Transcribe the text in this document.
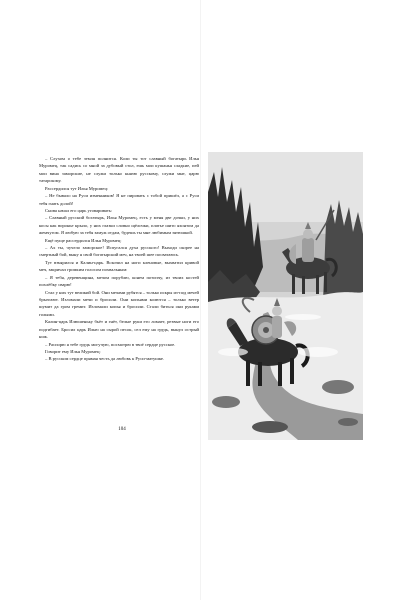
– Слухом о тебе земля полнится. Коли ты тот славный богатырь Илья Муромец, так садись со мной за дубовый стол, ешь мои кушанья сладкие, пей мои вина заморские, не служи только князю русскому, служи мне, царю татарскому.

Рассердился тут Илья Муромец:

– Не бывало на Руси изменников! Я не пировать с тобой пришёл, а с Руси тебя гнать долой!

Снова начал его царь уговаривать:

– Славный русский богатырь, Илья Муромец, есть у меня две дочки, у них косы как воронье крыло, у них глазки словно щёлочки, платье шито яхонтом да жемчугом. Я любую за тебя замуж отдам, будешь ты мне любимым зятюшкой.

Ещё пуще рассердился Илья Муромец:

– Ах ты, чучело заморское! Испугался духа русского! Выходи скорее на смертный бой, выну я свой богатырский меч, на твоей шее посватаюсь.

Тут взъярился и Калин-царь. Вскочил на ноги кленовые, выхватил кривой меч, закричал громким голосом похвальным:

– Я тебя, деревенщина, мечом порублю, конем потопчу, из твоих костей похлёбку сварю!

Стал у них тут великий бой. Они мечами рубятся – только искры из-под мечей брызгают. Изломали мечи и бросили. Они копьями колются – только ветер шумит да гром гремит. Изломали копья и бросили. Стали биться они руками голыми.

Калин-царь Илюшеньку бьёт и гнёт, белые руки его ломает, резвые ноги его подгибает. Бросил царь Илью на сырой песок, сел ему на грудь, вынул острый нож.

– Распорю я тебе грудь могучую, посмотрю в твоё сердце русское.

Говорит ему Илья Муромец:

– В русском сердце прямая честь да любовь к Руси-матушке.

104
